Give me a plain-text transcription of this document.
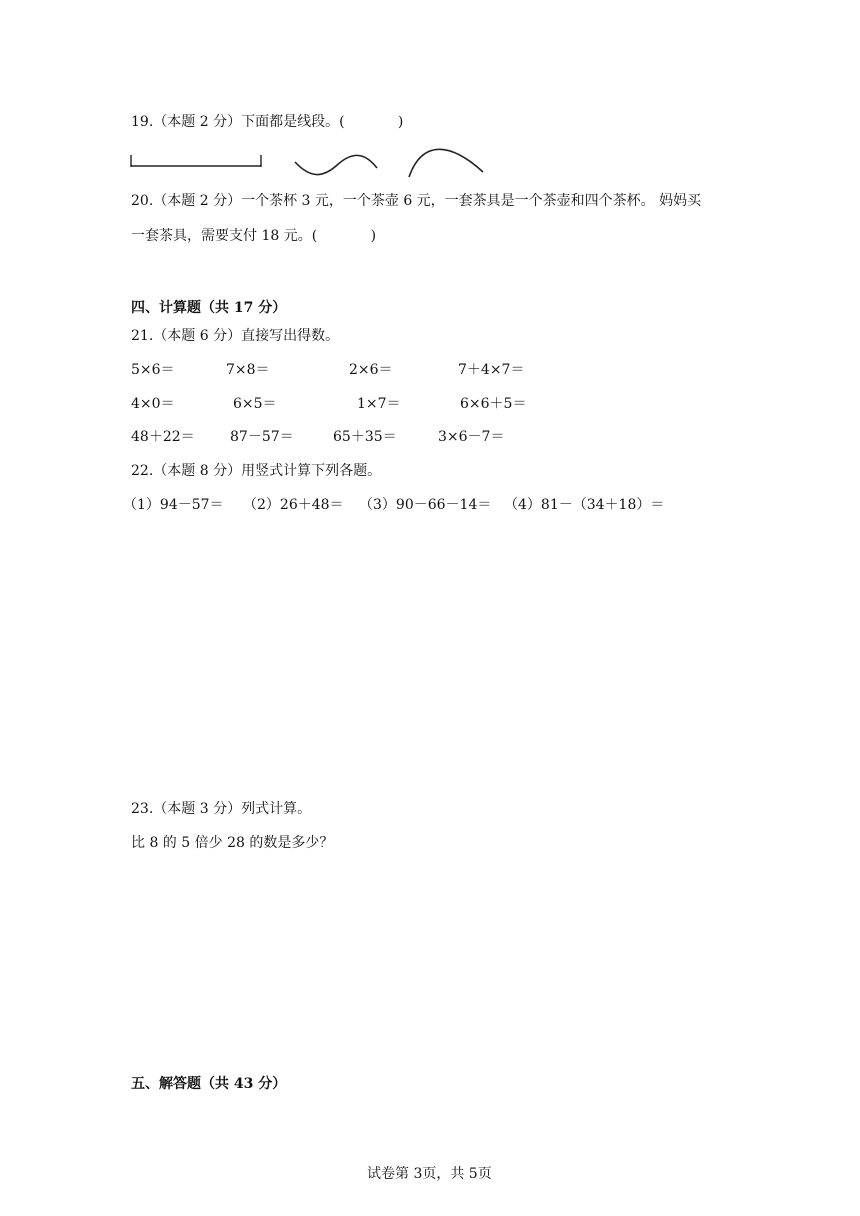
19.（本题 2 分）下面都是线段。(            )
20.（本题 2 分）一个茶杯 3 元，一个茶壶 6 元，一套茶具是一个茶壶和四个茶杯。 妈妈买
一套茶具，需要支付 18 元。(            )
四、计算题（共 17 分）
21.（本题 6 分）直接写出得数。
5×6＝	7×8＝	2×6＝	7＋4×7＝
4×0＝	6×5＝	1×7＝	6×6＋5＝
48＋22＝	87－57＝	65＋35＝	3×6－7＝
22.（本题 8 分）用竖式计算下列各题。
（1）94－57＝ （2）26＋48＝ （3）90－66－14＝ （4）81－（34＋18）＝
23.（本题 3 分）列式计算。
比 8 的 5 倍少 28 的数是多少？
五、解答题（共 43 分）
试卷第 3页，共 5页
